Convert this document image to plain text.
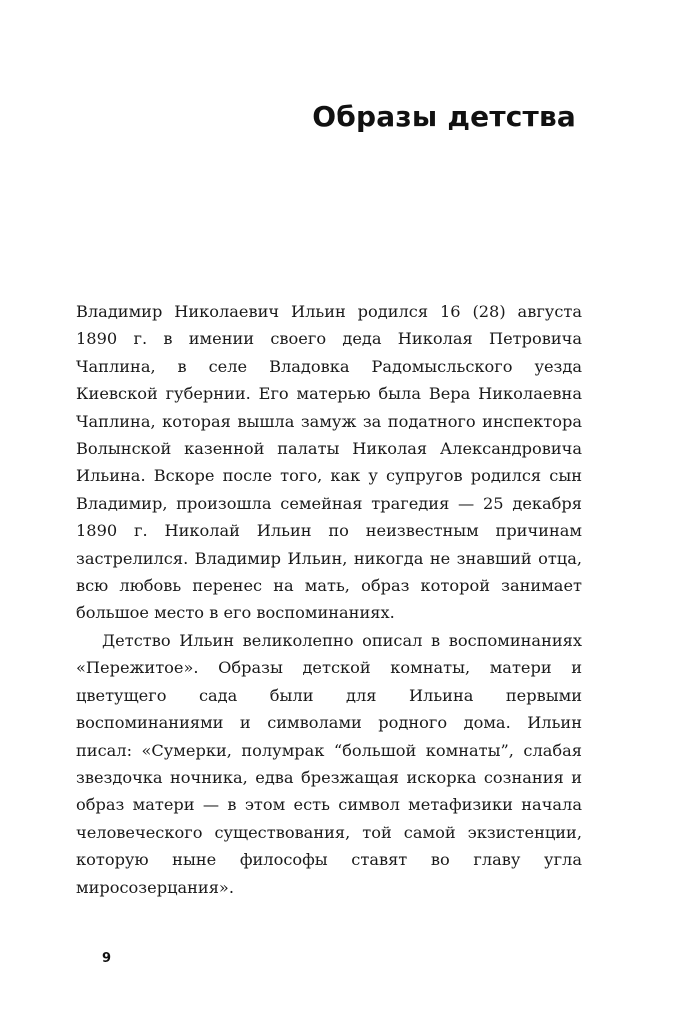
Образы детства

Владимир Николаевич Ильин родился 16 (28) августа 1890 г. в имении своего деда Николая Петровича Чаплина, в селе Владовка Радомысльского уезда Киевской губернии. Его матерью была Вера Николаевна Чаплина, которая вышла замуж за податного инспектора Волынской казенной палаты Николая Александровича Ильина. Вскоре после того, как у супругов родился сын Владимир, произошла семейная трагедия — 25 декабря 1890 г. Николай Ильин по неизвестным причинам застрелился. Владимир Ильин, никогда не знавший отца, всю любовь перенес на мать, образ которой занимает большое место в его воспоминаниях.

Детство Ильин великолепно описал в воспоминаниях «Пережитое». Образы детской комнаты, матери и цветущего сада были для Ильина первыми воспоминаниями и символами родного дома. Ильин писал: «Сумерки, полумрак “большой комнаты”, слабая звездочка ночника, едва брезжащая искорка сознания и образ матери — в этом есть символ метафизики начала человеческого существования, той самой экзистенции, которую ныне философы ставят во главу угла миросозерцания».

9
